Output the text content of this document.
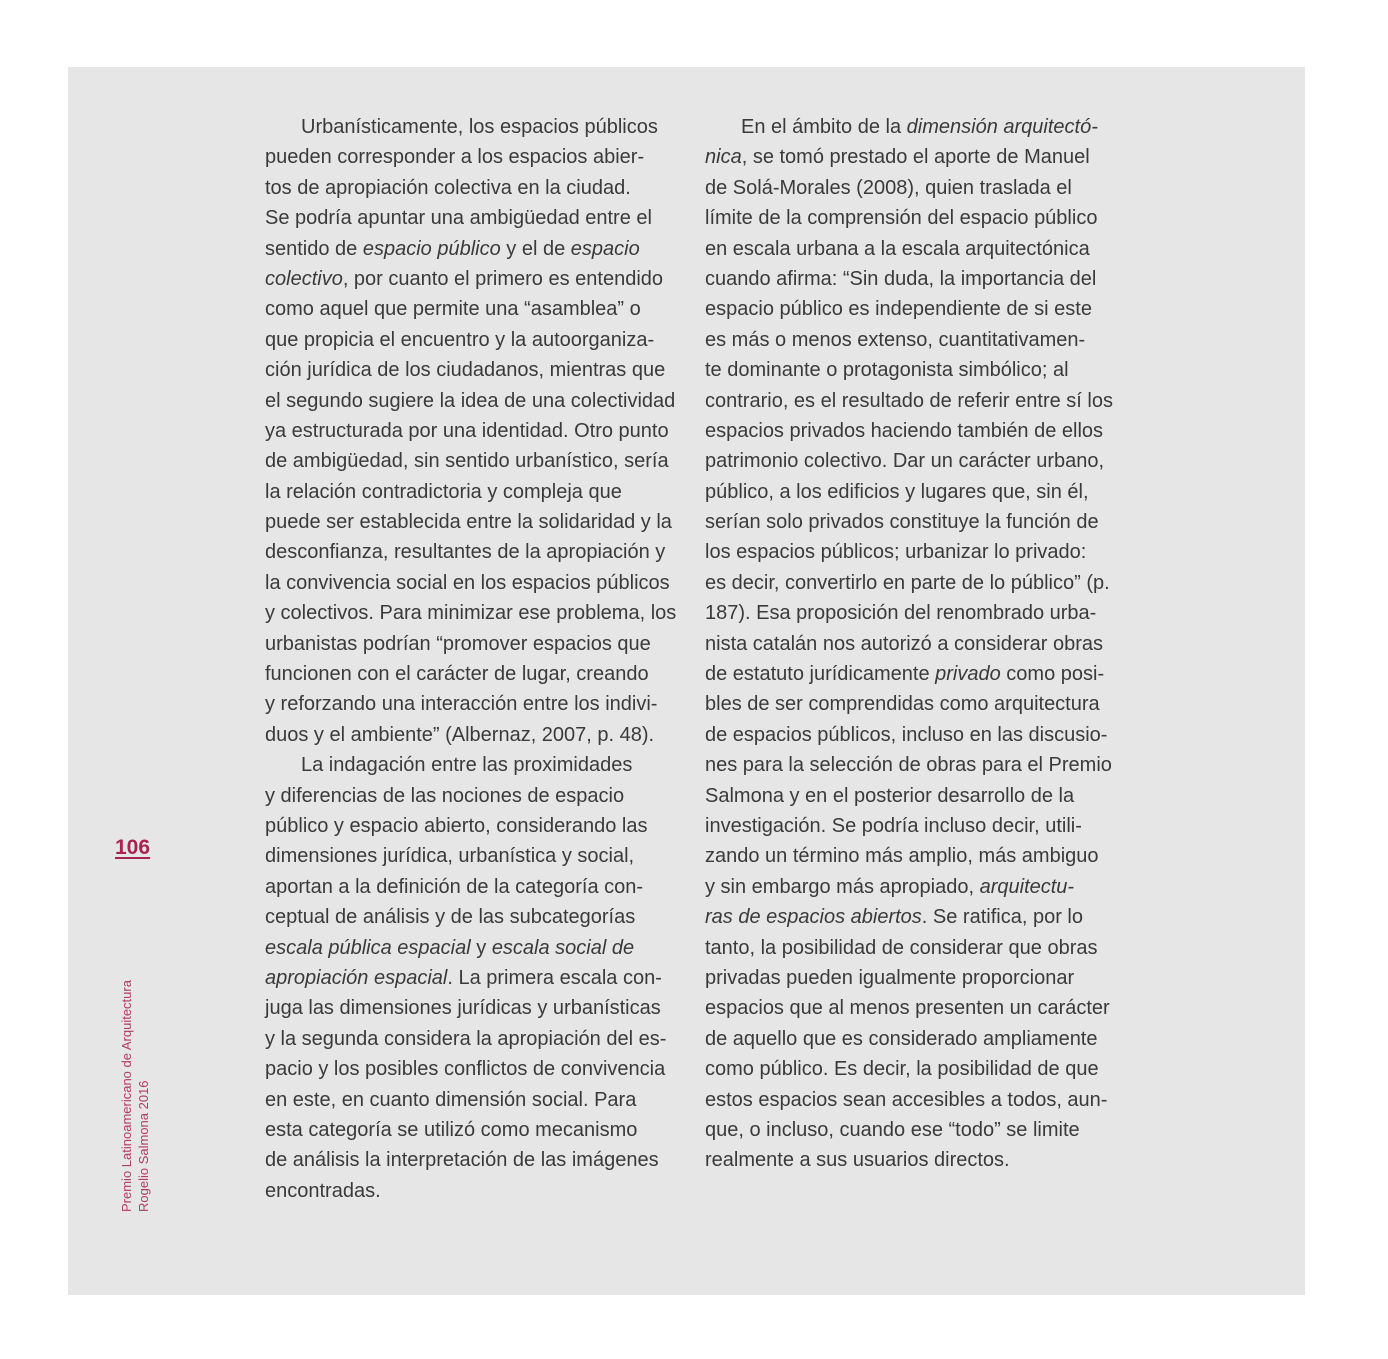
106
Premio Latinoamericano de Arquitectura Rogelio Salmona 2016
Urbanísticamente, los espacios públicos
pueden corresponder a los espacios abier-
tos de apropiación colectiva en la ciudad.
Se podría apuntar una ambigüedad entre el
sentido de espacio público y el de espacio
colectivo, por cuanto el primero es entendido
como aquel que permite una “asamblea” o
que propicia el encuentro y la autoorganiza-
ción jurídica de los ciudadanos, mientras que
el segundo sugiere la idea de una colectividad
ya estructurada por una identidad. Otro punto
de ambigüedad, sin sentido urbanístico, sería
la relación contradictoria y compleja que
puede ser establecida entre la solidaridad y la
desconfianza, resultantes de la apropiación y
la convivencia social en los espacios públicos
y colectivos. Para minimizar ese problema, los
urbanistas podrían “promover espacios que
funcionen con el carácter de lugar, creando
y reforzando una interacción entre los indivi-
duos y el ambiente” (Albernaz, 2007, p. 48).
La indagación entre las proximidades
y diferencias de las nociones de espacio
público y espacio abierto, considerando las
dimensiones jurídica, urbanística y social,
aportan a la definición de la categoría con-
ceptual de análisis y de las subcategorías
escala pública espacial y escala social de
apropiación espacial. La primera escala con-
juga las dimensiones jurídicas y urbanísticas
y la segunda considera la apropiación del es-
pacio y los posibles conflictos de convivencia
en este, en cuanto dimensión social. Para
esta categoría se utilizó como mecanismo
de análisis la interpretación de las imágenes
encontradas.
En el ámbito de la dimensión arquitectó-
nica, se tomó prestado el aporte de Manuel
de Solá-Morales (2008), quien traslada el
límite de la comprensión del espacio público
en escala urbana a la escala arquitectónica
cuando afirma: “Sin duda, la importancia del
espacio público es independiente de si este
es más o menos extenso, cuantitativamen-
te dominante o protagonista simbólico; al
contrario, es el resultado de referir entre sí los
espacios privados haciendo también de ellos
patrimonio colectivo. Dar un carácter urbano,
público, a los edificios y lugares que, sin él,
serían solo privados constituye la función de
los espacios públicos; urbanizar lo privado:
es decir, convertirlo en parte de lo público” (p.
187). Esa proposición del renombrado urba-
nista catalán nos autorizó a considerar obras
de estatuto jurídicamente privado como posi-
bles de ser comprendidas como arquitectura
de espacios públicos, incluso en las discusio-
nes para la selección de obras para el Premio
Salmona y en el posterior desarrollo de la
investigación. Se podría incluso decir, utili-
zando un término más amplio, más ambiguo
y sin embargo más apropiado, arquitectu-
ras de espacios abiertos. Se ratifica, por lo
tanto, la posibilidad de considerar que obras
privadas pueden igualmente proporcionar
espacios que al menos presenten un carácter
de aquello que es considerado ampliamente
como público. Es decir, la posibilidad de que
estos espacios sean accesibles a todos, aun-
que, o incluso, cuando ese “todo” se limite
realmente a sus usuarios directos.
